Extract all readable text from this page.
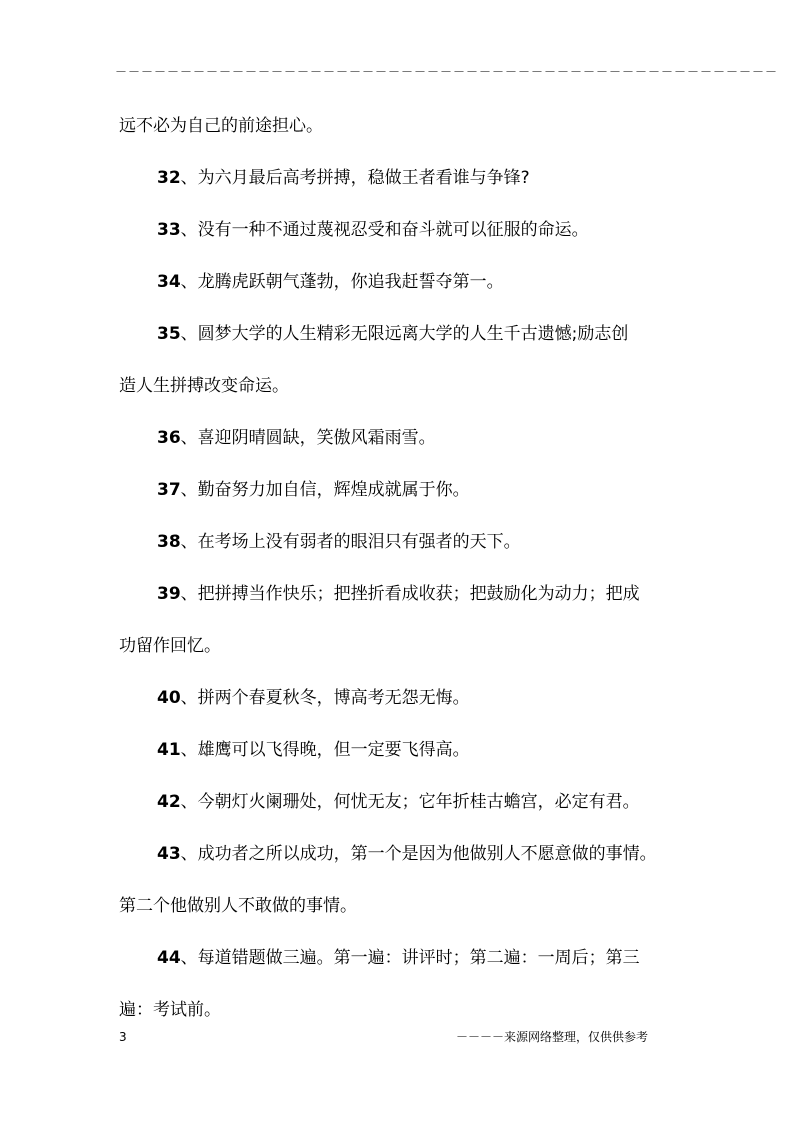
－－－－－－－－－－－－－－－－－－－－－－－－－－－－－－－－－－－－－－－－－－－－－－－－－－－
远不必为自己的前途担心。
32、为六月最后高考拼搏，稳做王者看谁与争锋?
33、没有一种不通过蔑视忍受和奋斗就可以征服的命运。
34、龙腾虎跃朝气蓬勃，你追我赶誓夺第一。
35、圆梦大学的人生精彩无限远离大学的人生千古遗憾;励志创
造人生拼搏改变命运。
36、喜迎阴晴圆缺，笑傲风霜雨雪。
37、勤奋努力加自信，辉煌成就属于你。
38、在考场上没有弱者的眼泪只有强者的天下。
39、把拼搏当作快乐；把挫折看成收获；把鼓励化为动力；把成
功留作回忆。
40、拼两个春夏秋冬，博高考无怨无悔。
41、雄鹰可以飞得晚，但一定要飞得高。
42、今朝灯火阑珊处，何忧无友；它年折桂古蟾宫，必定有君。
43、成功者之所以成功，第一个是因为他做别人不愿意做的事情。
第二个他做别人不敢做的事情。
44、每道错题做三遍。第一遍：讲评时；第二遍：一周后；第三
遍：考试前。
3	－－－－来源网络整理，仅供供参考
